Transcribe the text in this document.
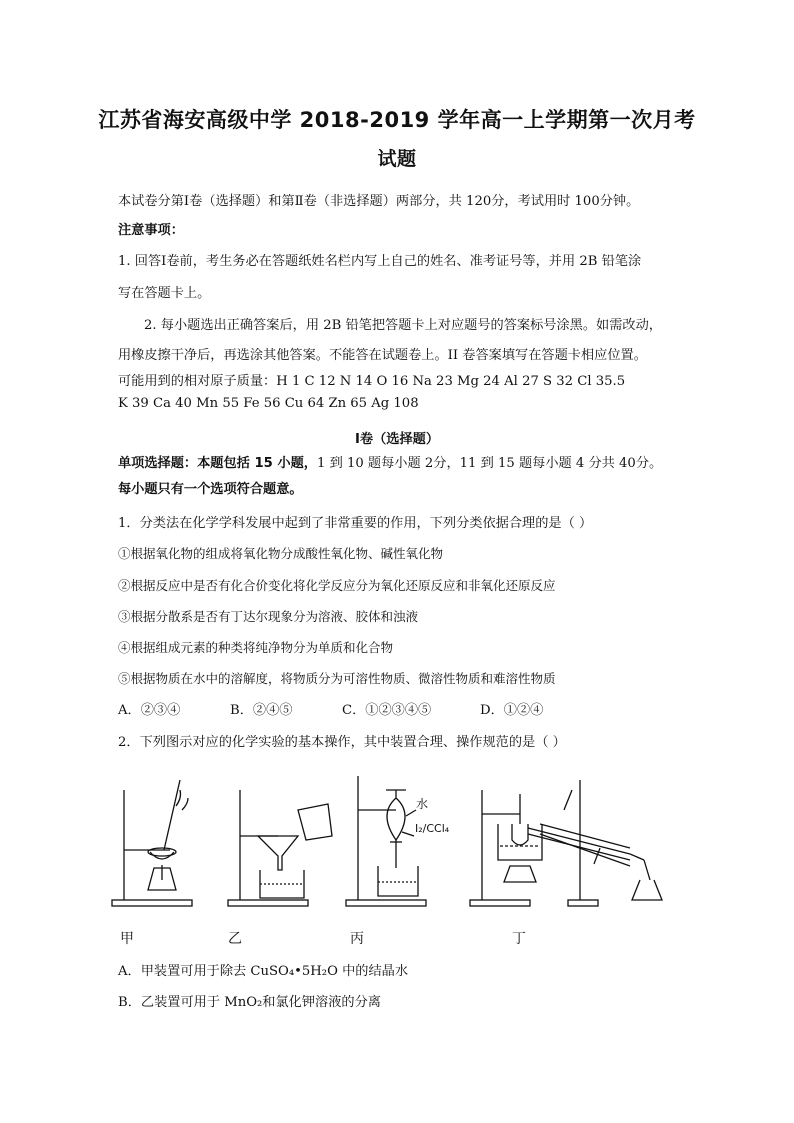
江苏省海安高级中学 2018-2019 学年高一上学期第一次月考
试题
本试卷分第Ⅰ卷（选择题）和第Ⅱ卷（非选择题）两部分，共 120分，考试用时 100分钟。
注意事项：
1. 回答Ⅰ卷前，考生务必在答题纸姓名栏内写上自己的姓名、准考证号等，并用 2B 铅笔涂
写在答题卡上。
2. 每小题选出正确答案后，用 2B 铅笔把答题卡上对应题号的答案标号涂黑。如需改动，
用橡皮擦干净后，再选涂其他答案。不能答在试题卷上。II 卷答案填写在答题卡相应位置。
可能用到的相对原子质量：H 1 C 12 N 14 O 16 Na 23 Mg 24 Al 27 S 32 Cl 35.5
K 39 Ca 40 Mn 55 Fe 56 Cu 64 Zn 65 Ag 108
Ⅰ卷（选择题）
单项选择题：本题包括 15 小题，1 到 10 题每小题 2分，11 到 15 题每小题 4 分共 40分。
每小题只有一个选项符合题意。
1．分类法在化学学科发展中起到了非常重要的作用，下列分类依据合理的是（ ）
①根据氧化物的组成将氧化物分成酸性氧化物、碱性氧化物
②根据反应中是否有化合价变化将化学反应分为氧化还原反应和非氧化还原反应
③根据分散系是否有丁达尔现象分为溶液、胶体和浊液
④根据组成元素的种类将纯净物分为单质和化合物
⑤根据物质在水中的溶解度，将物质分为可溶性物质、微溶性物质和难溶性物质
A．②③④	B．②④⑤	C．①②③④⑤	D．①②④
2．下列图示对应的化学实验的基本操作，其中装置合理、操作规范的是（ ）
I₂/CCl₄
水
甲	乙	丙	丁
A．甲装置可用于除去 CuSO₄•5H₂O 中的结晶水
B．乙装置可用于 MnO₂和氯化钾溶液的分离
